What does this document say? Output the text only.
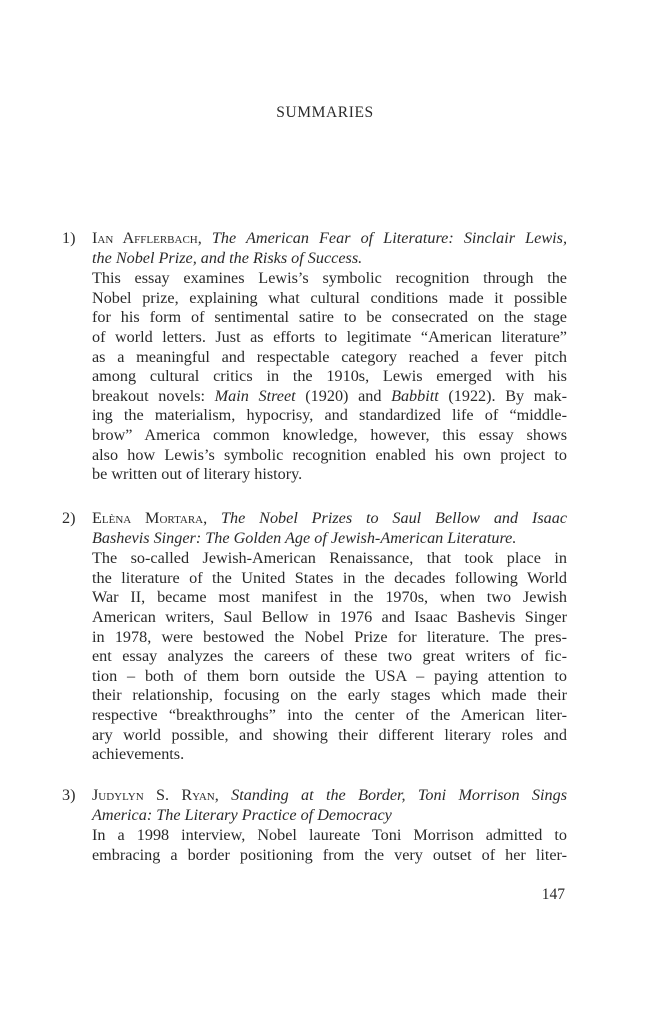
SUMMARIES
1) Ian Afflerbach, The American Fear of Literature: Sinclair Lewis,
the Nobel Prize, and the Risks of Success.
This essay examines Lewis’s symbolic recognition through the
Nobel prize, explaining what cultural conditions made it possible
for his form of sentimental satire to be consecrated on the stage
of world letters. Just as efforts to legitimate “American literature”
as a meaningful and respectable category reached a fever pitch
among cultural critics in the 1910s, Lewis emerged with his
breakout novels: Main Street (1920) and Babbitt (1922). By mak-
ing the materialism, hypocrisy, and standardized life of “middle-
brow” America common knowledge, however, this essay shows
also how Lewis’s symbolic recognition enabled his own project to
be written out of literary history.
2) Elèna Mortara, The Nobel Prizes to Saul Bellow and Isaac
Bashevis Singer: The Golden Age of Jewish-American Literature.
The so-called Jewish-American Renaissance, that took place in
the literature of the United States in the decades following World
War II, became most manifest in the 1970s, when two Jewish
American writers, Saul Bellow in 1976 and Isaac Bashevis Singer
in 1978, were bestowed the Nobel Prize for literature. The pres-
ent essay analyzes the careers of these two great writers of fic-
tion – both of them born outside the USA – paying attention to
their relationship, focusing on the early stages which made their
respective “breakthroughs” into the center of the American liter-
ary world possible, and showing their different literary roles and
achievements.
3) Judylyn S. Ryan, Standing at the Border, Toni Morrison Sings
America: The Literary Practice of Democracy
In a 1998 interview, Nobel laureate Toni Morrison admitted to
embracing a border positioning from the very outset of her liter-
147
